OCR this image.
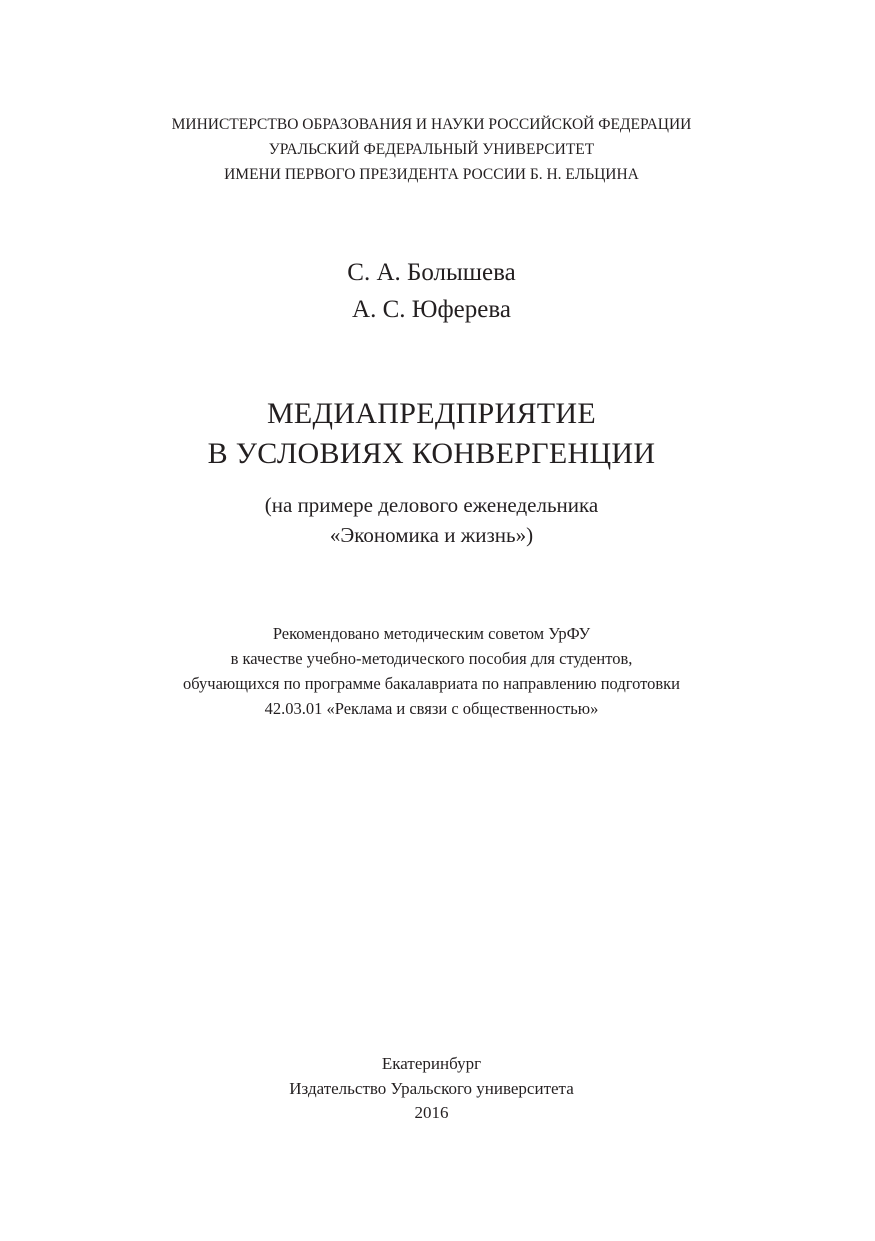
МИНИСТЕРСТВО ОБРАЗОВАНИЯ И НАУКИ РОССИЙСКОЙ ФЕДЕРАЦИИ
УРАЛЬСКИЙ ФЕДЕРАЛЬНЫЙ УНИВЕРСИТЕТ
ИМЕНИ ПЕРВОГО ПРЕЗИДЕНТА РОССИИ Б. Н. ЕЛЬЦИНА
С. А. Болышева
А. С. Юферева
МЕДИАПРЕДПРИЯТИЕ
В УСЛОВИЯХ КОНВЕРГЕНЦИИ
(на примере делового еженедельника
«Экономика и жизнь»)
Рекомендовано методическим советом УрФУ
в качестве учебно-методического пособия для студентов,
обучающихся по программе бакалавриата по направлению подготовки
42.03.01 «Реклама и связи с общественностью»
Екатеринбург
Издательство Уральского университета
2016
